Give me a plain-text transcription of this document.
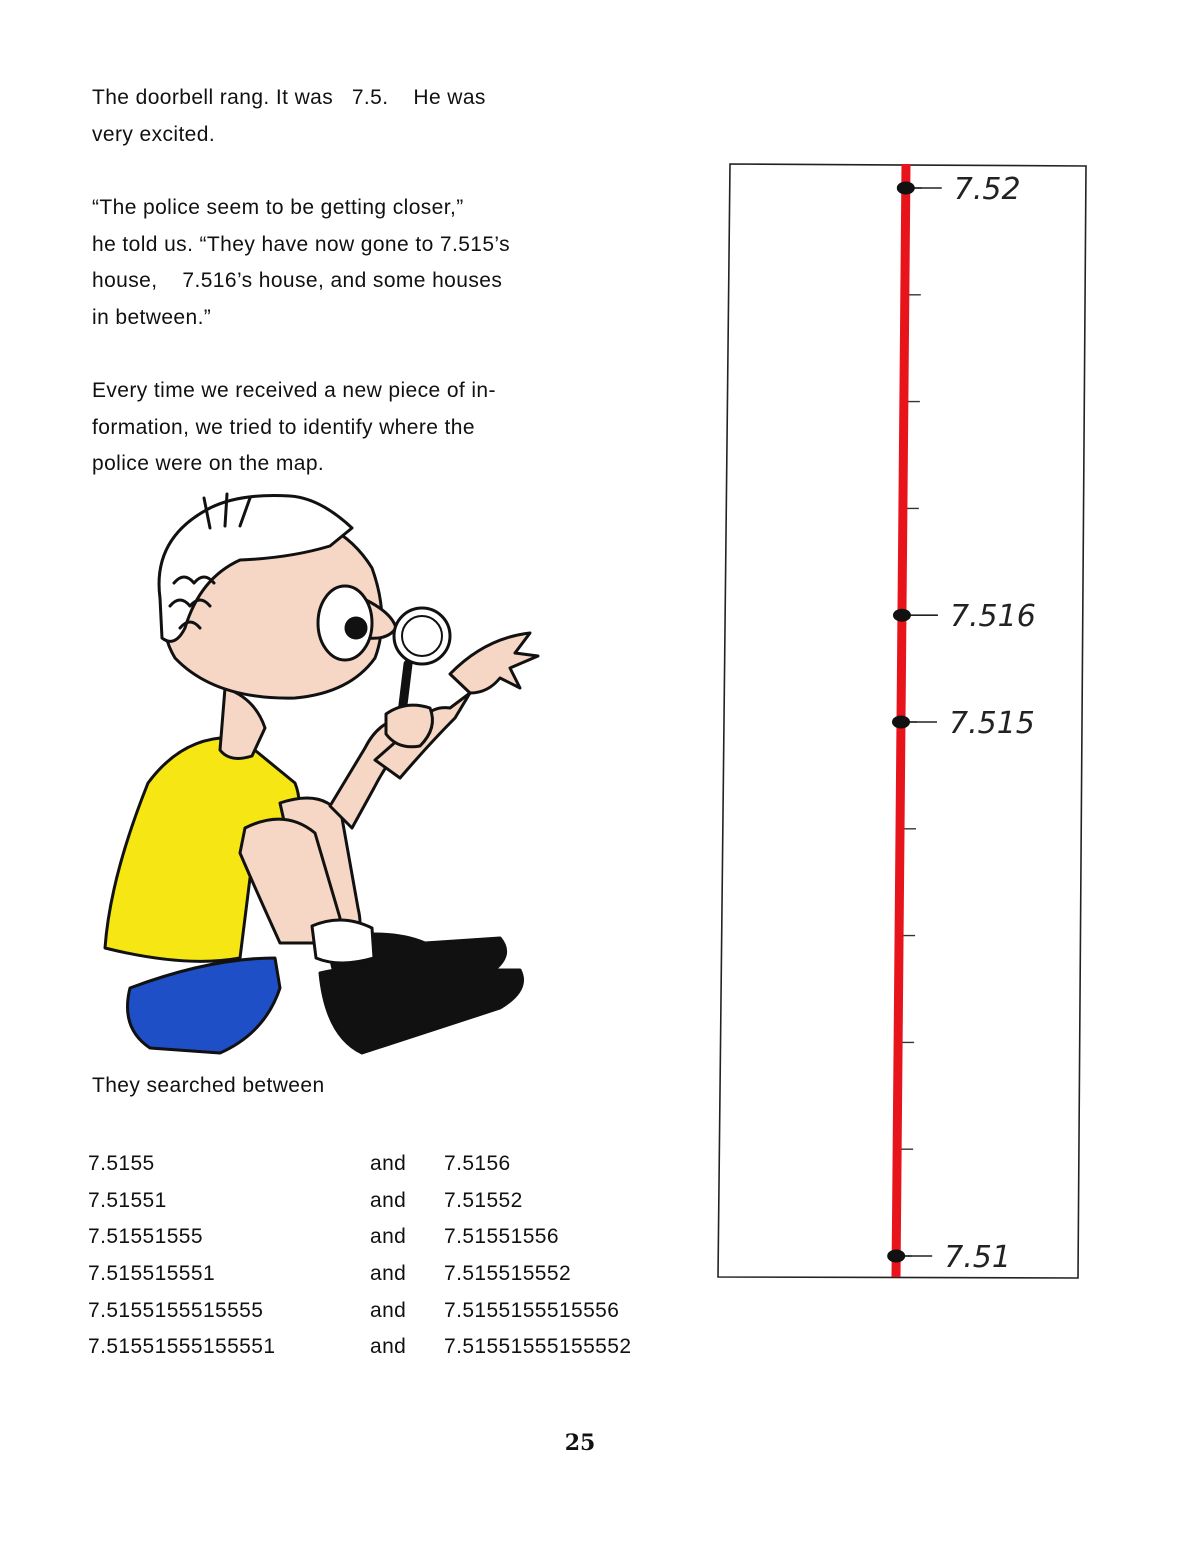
The doorbell rang. It was   7.5.    He was
very excited.
“The police seem to be getting closer,”
he told us. “They have now gone to 7.515’s
house,    7.516’s house, and some houses
in between.”
Every time we received a new piece of in-
formation, we tried to identify where the
police were on the map.

They searched between

7.5155	and	7.5156
7.51551	and	7.51552
7.51551555	and	7.51551556
7.515515551	and	7.515515552
7.5155155515555	and	7.5155155515556
7.51551555155551	and	7.51551555155552
25
7.52
7.516
7.515
7.51
